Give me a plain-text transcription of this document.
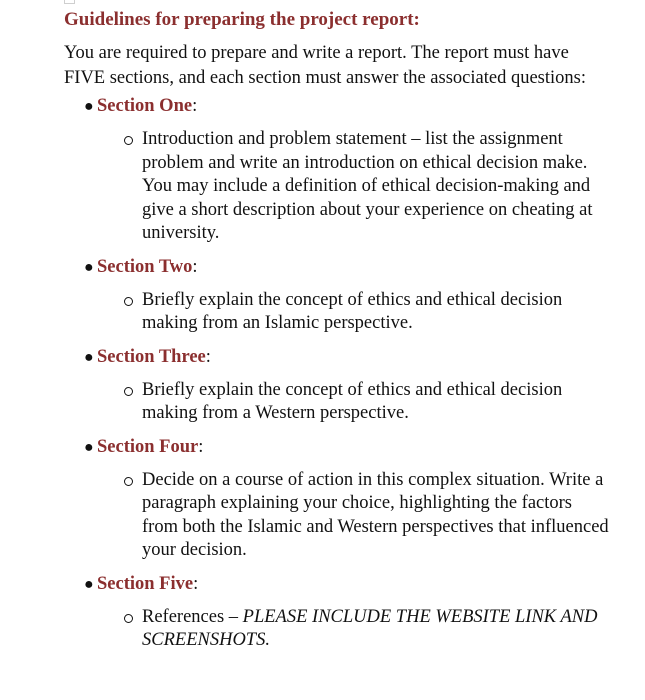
Guidelines for preparing the project report:

You are required to prepare and write a report. The report must have FIVE sections, and each section must answer the associated questions:

● Section One:
Introduction and problem statement – list the assignment problem and write an introduction on ethical decision make. You may include a definition of ethical decision-making and give a short description about your experience on cheating at university.
● Section Two:
Briefly explain the concept of ethics and ethical decision making from an Islamic perspective.
● Section Three:
Briefly explain the concept of ethics and ethical decision making from a Western perspective.
● Section Four:
Decide on a course of action in this complex situation. Write a paragraph explaining your choice, highlighting the factors from both the Islamic and Western perspectives that influenced your decision.
● Section Five:
References – PLEASE INCLUDE THE WEBSITE LINK AND SCREENSHOTS.
